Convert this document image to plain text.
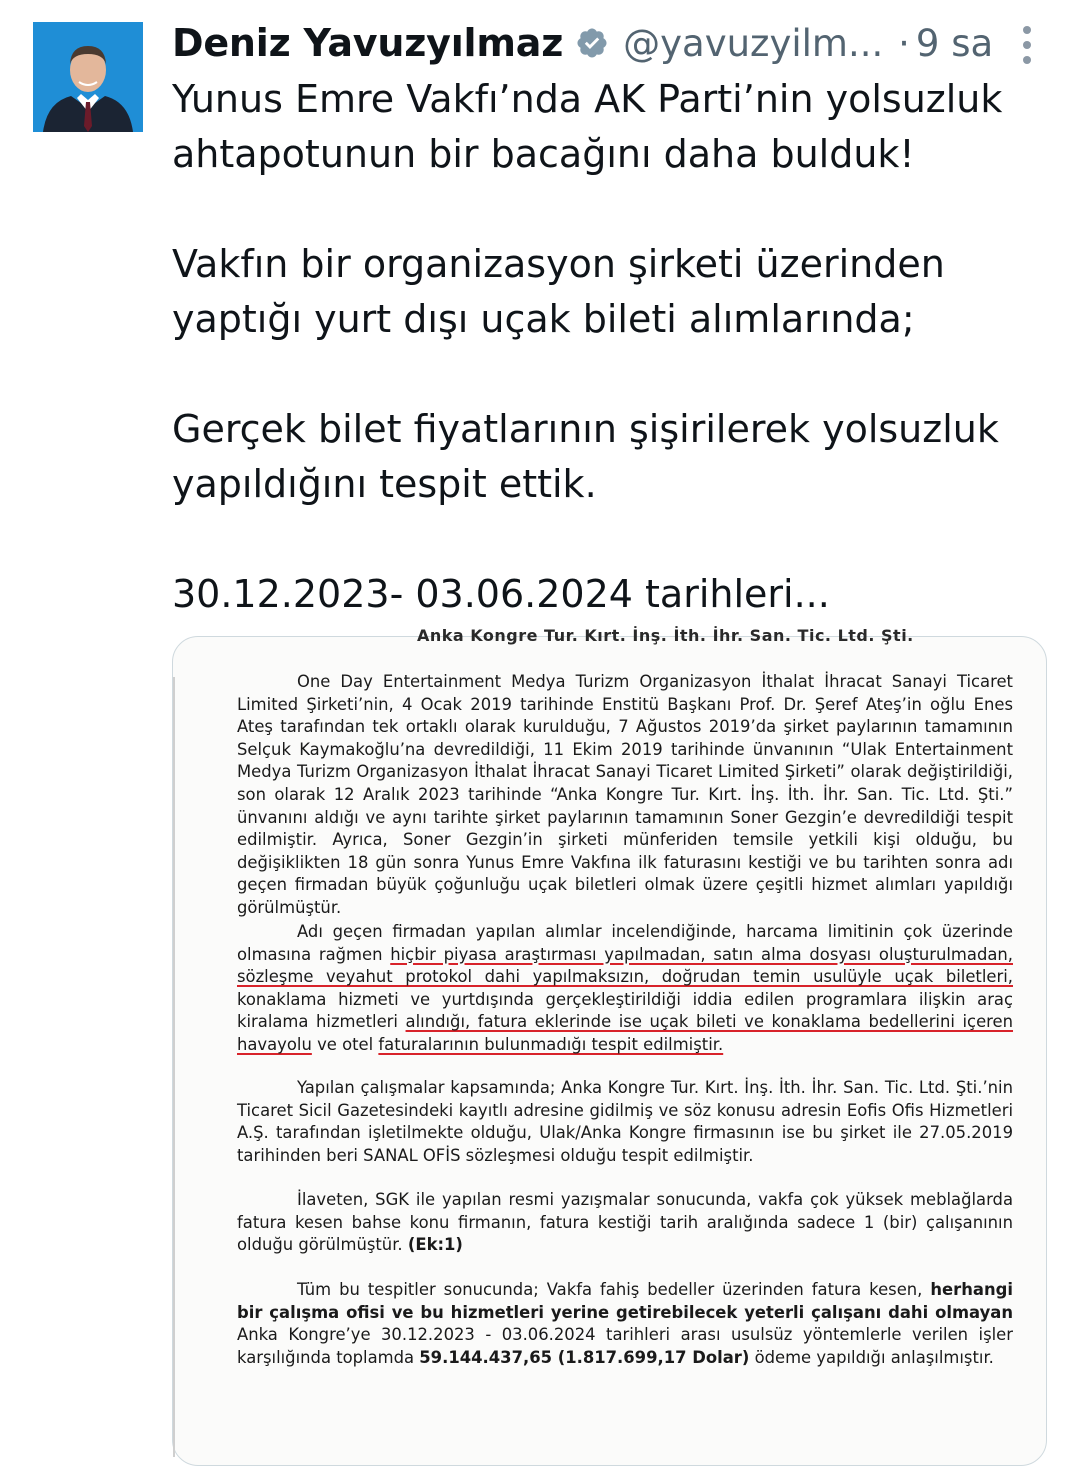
Deniz Yavuzyılmaz @yavuzyilm... · 9 sa

Yunus Emre Vakfı’nda AK Parti’nin yolsuzluk ahtapotunun bir bacağını daha bulduk!

Vakfın bir organizasyon şirketi üzerinden yaptığı yurt dışı uçak bileti alımlarında;

Gerçek bilet fiyatlarının şişirilerek yolsuzluk yapıldığını tespit ettik.

30.12.2023- 03.06.2024 tarihleri...

Anka Kongre Tur. Kırt. İnş. İth. İhr. San. Tic. Ltd. Şti.
One Day Entertainment Medya Turizm Organizasyon İthalat İhracat Sanayi Ticaret Limited Şirketi’nin, 4 Ocak 2019 tarihinde Enstitü Başkanı Prof. Dr. Şeref Ateş’in oğlu Enes Ateş tarafından tek ortaklı olarak kurulduğu, 7 Ağustos 2019’da şirket paylarının tamamının Selçuk Kaymakoğlu’na devredildiği, 11 Ekim 2019 tarihinde ünvanının “Ulak Entertainment Medya Turizm Organizasyon İthalat İhracat Sanayi Ticaret Limited Şirketi” olarak değiştirildiği, son olarak 12 Aralık 2023 tarihinde “Anka Kongre Tur. Kırt. İnş. İth. İhr. San. Tic. Ltd. Şti.” ünvanını aldığı ve aynı tarihte şirket paylarının tamamının Soner Gezgin’e devredildiği tespit edilmiştir. Ayrıca, Soner Gezgin’in şirketi münferiden temsile yetkili kişi olduğu, bu değişiklikten 18 gün sonra Yunus Emre Vakfına ilk faturasını kestiği ve bu tarihten sonra adı geçen firmadan büyük çoğunluğu uçak biletleri olmak üzere çeşitli hizmet alımları yapıldığı görülmüştür.
Adı geçen firmadan yapılan alımlar incelendiğinde, harcama limitinin çok üzerinde olmasına rağmen hiçbir piyasa araştırması yapılmadan, satın alma dosyası oluşturulmadan, sözleşme veyahut protokol dahi yapılmaksızın, doğrudan temin usulüyle uçak biletleri, konaklama hizmeti ve yurtdışında gerçekleştirildiği iddia edilen programlara ilişkin araç kiralama hizmetleri alındığı, fatura eklerinde ise uçak bileti ve konaklama bedellerini içeren havayolu ve otel faturalarının bulunmadığı tespit edilmiştir.
Yapılan çalışmalar kapsamında; Anka Kongre Tur. Kırt. İnş. İth. İhr. San. Tic. Ltd. Şti.’nin Ticaret Sicil Gazetesindeki kayıtlı adresine gidilmiş ve söz konusu adresin Eofis Ofis Hizmetleri A.Ş. tarafından işletilmekte olduğu, Ulak/Anka Kongre firmasının ise bu şirket ile 27.05.2019 tarihinden beri SANAL OFİS sözleşmesi olduğu tespit edilmiştir.
İlaveten, SGK ile yapılan resmi yazışmalar sonucunda, vakfa çok yüksek meblağlarda fatura kesen bahse konu firmanın, fatura kestiği tarih aralığında sadece 1 (bir) çalışanının olduğu görülmüştür. (Ek:1)
Tüm bu tespitler sonucunda; Vakfa fahiş bedeller üzerinden fatura kesen, herhangi bir çalışma ofisi ve bu hizmetleri yerine getirebilecek yeterli çalışanı dahi olmayan Anka Kongre’ye 30.12.2023 - 03.06.2024 tarihleri arası usulsüz yöntemlerle verilen işler karşılığında toplamda 59.144.437,65 (1.817.699,17 Dolar) ödeme yapıldığı anlaşılmıştır.
